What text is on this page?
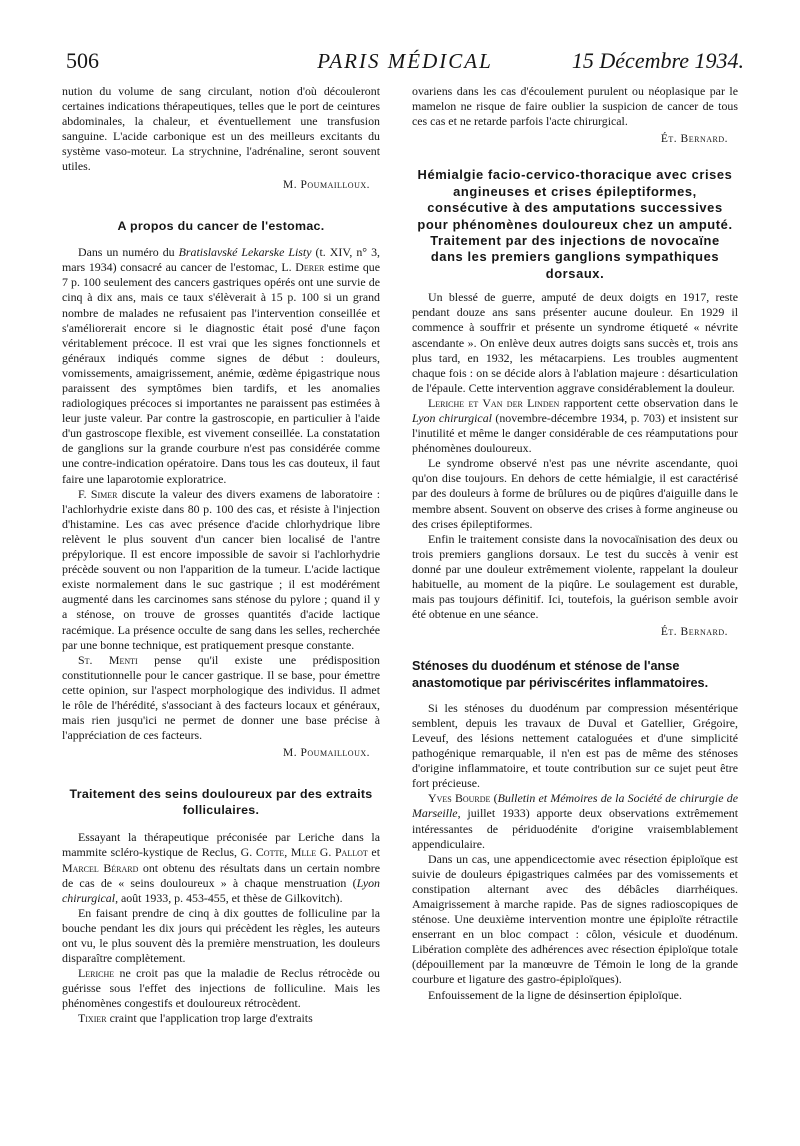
506	PARIS MÉDICAL	15 Décembre 1934.

nution du volume de sang circulant, notion d'où découleront certaines indications thérapeutiques, telles que le port de ceintures abdominales, la chaleur, et éventuellement une transfusion sanguine. L'acide carbonique est un des meilleurs excitants du système vaso-moteur. La strychnine, l'adrénaline, seront souvent utiles.

M. Poumailloux.
A propos du cancer de l'estomac.

Dans un numéro du Bratislavské Lekarske Listy (t. XIV, n° 3, mars 1934) consacré au cancer de l'estomac, L. Derer estime que 7 p. 100 seulement des cancers gastriques opérés ont une survie de cinq à dix ans, mais ce taux s'élèverait à 15 p. 100 si un grand nombre de malades ne refusaient pas l'intervention conseillée et s'améliorerait encore si le diagnostic était posé d'une façon véritablement précoce. Il est vrai que les signes fonctionnels et généraux indiqués comme signes de début : douleurs, vomissements, amaigrissement, anémie, œdème épigastrique nous paraissent des symptômes bien tardifs, et les anomalies radiologiques précoces si importantes ne paraissent pas estimées à leur juste valeur. Par contre la gastroscopie, en particulier à l'aide d'un gastroscope flexible, est vivement conseillée. La constatation de ganglions sur la grande courbure n'est pas considérée comme une contre-indication opératoire. Dans tous les cas douteux, il faut faire une laparotomie exploratrice.

F. Simer discute la valeur des divers examens de laboratoire : l'achlorhydrie existe dans 80 p. 100 des cas, et résiste à l'injection d'histamine. Les cas avec présence d'acide chlorhydrique libre relèvent le plus souvent d'un cancer bien localisé de l'antre prépylorique. Il est encore impossible de savoir si l'achlorhydrie précède souvent ou non l'apparition de la tumeur. L'acide lactique existe normalement dans le suc gastrique ; il est modérément augmenté dans les carcinomes sans sténose du pylore ; quand il y a sténose, on trouve de grosses quantités d'acide lactique racémique. La présence occulte de sang dans les selles, recherchée par une bonne technique, est pratiquement presque constante.

St. Menti pense qu'il existe une prédisposition constitutionnelle pour le cancer gastrique. Il se base, pour émettre cette opinion, sur l'aspect morphologique des individus. Il admet le rôle de l'hérédité, s'associant à des facteurs locaux et généraux, mais rien jusqu'ici ne permet de donner une base précise à l'appréciation de ces facteurs.

M. Poumailloux.
Traitement des seins douloureux par des extraits folliculaires.

Essayant la thérapeutique préconisée par Leriche dans la mammite scléro-kystique de Reclus, G. Cotte, Mlle G. Pallot et Marcel Bérard ont obtenu des résultats dans un certain nombre de cas de « seins douloureux » à chaque menstruation (Lyon chirurgical, août 1933, p. 453-455, et thèse de Gilkovitch).

En faisant prendre de cinq à dix gouttes de folliculine par la bouche pendant les dix jours qui précèdent les règles, les auteurs ont vu, le plus souvent dès la première menstruation, les douleurs disparaître complètement.

Leriche ne croit pas que la maladie de Reclus rétrocède ou guérisse sous l'effet des injections de folliculine. Mais les phénomènes congestifs et douloureux rétrocèdent.

Tixier craint que l'application trop large d'extraits

ovariens dans les cas d'écoulement purulent ou néoplasique par le mamelon ne risque de faire oublier la suspicion de cancer de tous ces cas et ne retarde parfois l'acte chirurgical.

Ét. Bernard.
Hémialgie facio-cervico-thoracique avec crises angineuses et crises épileptiformes, consécutive à des amputations successives pour phénomènes douloureux chez un amputé. Traitement par des injections de novocaïne dans les premiers ganglions sympathiques dorsaux.

Un blessé de guerre, amputé de deux doigts en 1917, reste pendant douze ans sans présenter aucune douleur. En 1929 il commence à souffrir et présente un syndrome étiqueté « névrite ascendante ». On enlève deux autres doigts sans succès et, trois ans plus tard, en 1932, les métacarpiens. Les troubles augmentent chaque fois : on se décide alors à l'ablation majeure : désarticulation de l'épaule. Cette intervention aggrave considérablement la douleur.

Leriche et Van der Linden rapportent cette observation dans le Lyon chirurgical (novembre-décembre 1934, p. 703) et insistent sur l'inutilité et même le danger considérable de ces réamputations pour phénomènes douloureux.

Le syndrome observé n'est pas une névrite ascendante, quoi qu'on dise toujours. En dehors de cette hémialgie, il est caractérisé par des douleurs à forme de brûlures ou de piqûres d'aiguille dans le membre absent. Souvent on observe des crises à forme angineuse ou des crises épileptiformes.

Enfin le traitement consiste dans la novocaïnisation des deux ou trois premiers ganglions dorsaux. Le test du succès à venir est donné par une douleur extrêmement violente, rappelant la douleur habituelle, au moment de la piqûre. Le soulagement est durable, mais pas toujours définitif. Ici, toutefois, la guérison semble avoir été obtenue en une séance.

Ét. Bernard.
Sténoses du duodénum et sténose de l'anse anastomotique par périviscérites inflammatoires.

Si les sténoses du duodénum par compression mésentérique semblent, depuis les travaux de Duval et Gatellier, Grégoire, Leveuf, des lésions nettement cataloguées et d'une simplicité pathogénique remarquable, il n'en est pas de même des sténoses d'origine inflammatoire, et toute contribution sur ce sujet peut être fort précieuse.

Yves Bourde (Bulletin et Mémoires de la Société de chirurgie de Marseille, juillet 1933) apporte deux observations extrêmement intéressantes de périduodénite d'origine vraisemblablement appendiculaire.

Dans un cas, une appendicectomie avec résection épiploïque est suivie de douleurs épigastriques calmées par des vomissements et constipation alternant avec des débâcles diarrhéiques. Amaigrissement à marche rapide. Pas de signes radioscopiques de sténose. Une deuxième intervention montre une épiploïte rétractile enserrant en un bloc compact : côlon, vésicule et duodénum. Libération complète des adhérences avec résection épiploïque totale (dépouillement par la manœuvre de Témoin le long de la grande courbure et ligature des gastro-épiploïques).

Enfouissement de la ligne de désinsertion épiploïque.
